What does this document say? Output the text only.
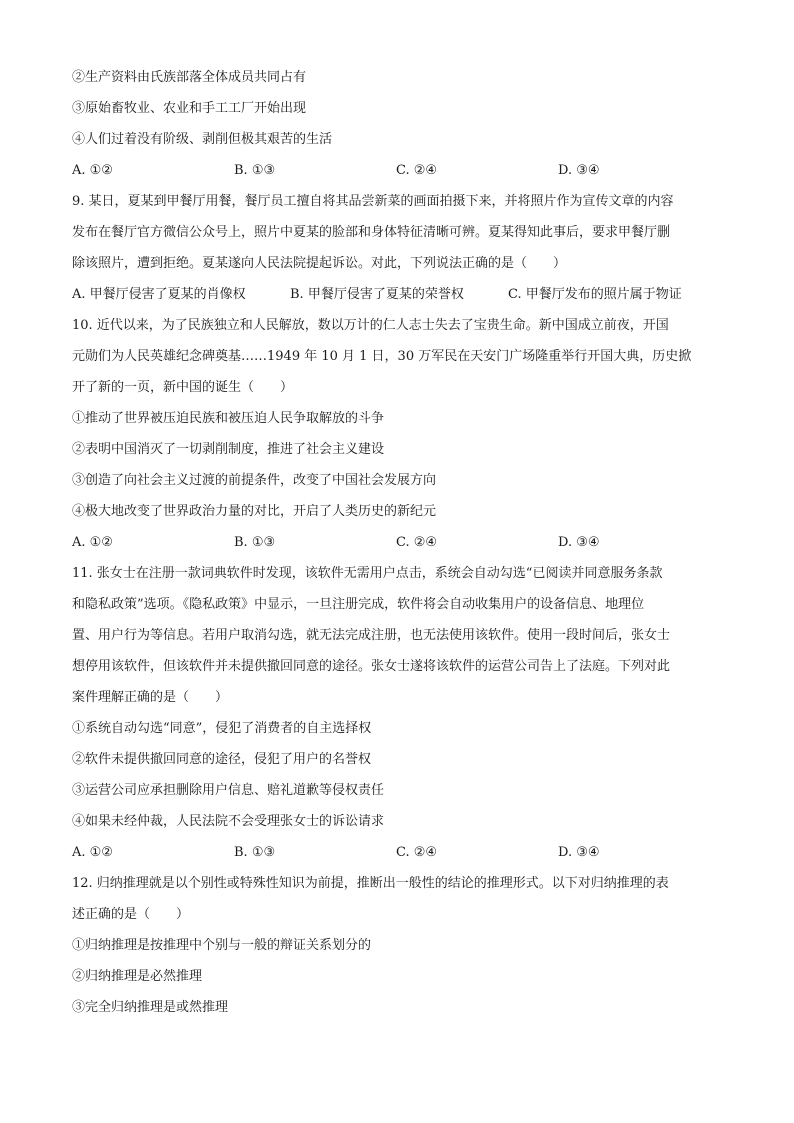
②生产资料由氏族部落全体成员共同占有
③原始畜牧业、农业和手工工厂开始出现
④人们过着没有阶级、剥削但极其艰苦的生活
A. ①②	B. ①③	C. ②④	D. ③④
9. 某日，夏某到甲餐厅用餐，餐厅员工擅自将其品尝新菜的画面拍摄下来，并将照片作为宣传文章的内容
发布在餐厅官方微信公众号上，照片中夏某的脸部和身体特征清晰可辨。夏某得知此事后，要求甲餐厅删
除该照片，遭到拒绝。夏某遂向人民法院提起诉讼。对此，下列说法正确的是（　　）
A. 甲餐厅侵害了夏某的肖像权	B. 甲餐厅侵害了夏某的荣誉权	C. 甲餐厅发布的照片属于物证
10. 近代以来，为了民族独立和人民解放，数以万计的仁人志士失去了宝贵生命。新中国成立前夜，开国
元勋们为人民英雄纪念碑奠基……1949 年 10 月 1 日，30 万军民在天安门广场隆重举行开国大典，历史掀
开了新的一页，新中国的诞生（　　）
①推动了世界被压迫民族和被压迫人民争取解放的斗争
②表明中国消灭了一切剥削制度，推进了社会主义建设
③创造了向社会主义过渡的前提条件，改变了中国社会发展方向
④极大地改变了世界政治力量的对比，开启了人类历史的新纪元
A. ①②	B. ①③	C. ②④	D. ③④
11. 张女士在注册一款词典软件时发现，该软件无需用户点击，系统会自动勾选“已阅读并同意服务条款
和隐私政策”选项。《隐私政策》中显示，一旦注册完成，软件将会自动收集用户的设备信息、地理位
置、用户行为等信息。若用户取消勾选，就无法完成注册，也无法使用该软件。使用一段时间后，张女士
想停用该软件，但该软件并未提供撤回同意的途径。张女士遂将该软件的运营公司告上了法庭。下列对此
案件理解正确的是（　　）
①系统自动勾选“同意”，侵犯了消费者的自主选择权
②软件未提供撤回同意的途径，侵犯了用户的名誉权
③运营公司应承担删除用户信息、赔礼道歉等侵权责任
④如果未经仲裁，人民法院不会受理张女士的诉讼请求
A. ①②	B. ①③	C. ②④	D. ③④
12. 归纳推理就是以个别性或特殊性知识为前提，推断出一般性的结论的推理形式。以下对归纳推理的表
述正确的是（　　）
①归纳推理是按推理中个别与一般的辩证关系划分的
②归纳推理是必然推理
③完全归纳推理是或然推理
